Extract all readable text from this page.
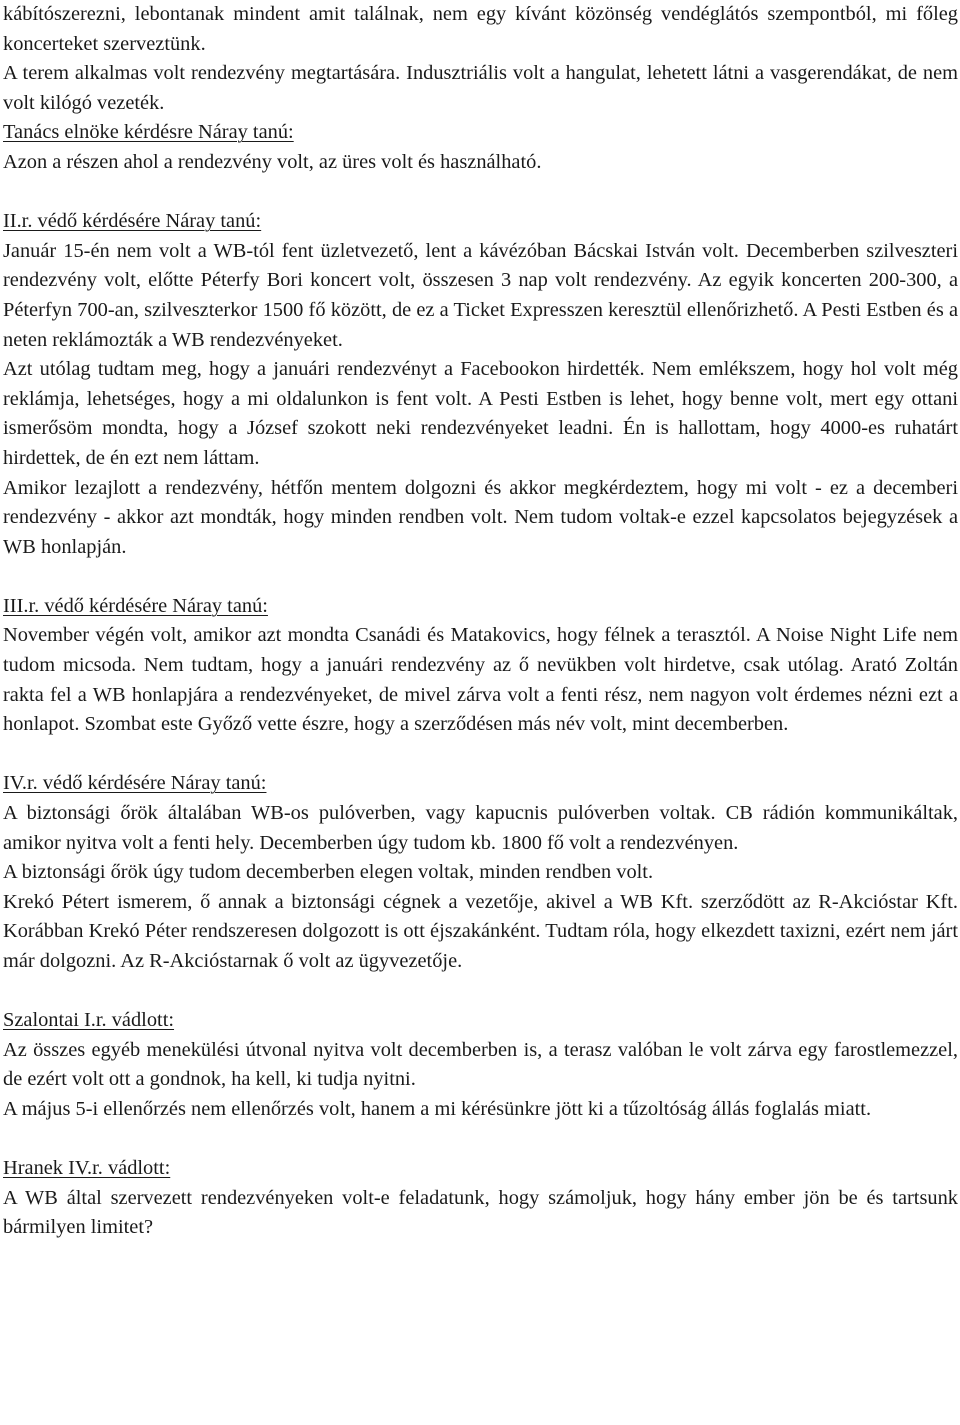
kábítószerezni, lebontanak mindent amit találnak, nem egy kívánt közönség vendéglátós szempontból, mi főleg koncerteket szerveztünk.

A terem alkalmas volt rendezvény megtartására. Indusztriális volt a hangulat, lehetett látni a vasgerendákat, de nem volt kilógó vezeték.

Tanács elnöke kérdésre Náray tanú:

Azon a részen ahol a rendezvény volt, az üres volt és használható.

II.r. védő kérdésére Náray tanú:

Január 15-én nem volt a WB-tól fent üzletvezető, lent a kávézóban Bácskai István volt. Decemberben szilveszteri rendezvény volt, előtte Péterfy Bori koncert volt, összesen 3 nap volt rendezvény. Az egyik koncerten 200-300, a Péterfyn 700-an, szilveszterkor 1500 fő között, de ez a Ticket Expresszen keresztül ellenőrizhető. A Pesti Estben és a neten reklámozták a WB rendezvényeket.

Azt utólag tudtam meg, hogy a januári rendezvényt a Facebookon hirdették. Nem emlékszem, hogy hol volt még reklámja, lehetséges, hogy a mi oldalunkon is fent volt. A Pesti Estben is lehet, hogy benne volt, mert egy ottani ismerősöm mondta, hogy a József szokott neki rendezvényeket leadni. Én is hallottam, hogy 4000-es ruhatárt hirdettek, de én ezt nem láttam.

Amikor lezajlott a rendezvény, hétfőn mentem dolgozni és akkor megkérdeztem, hogy mi volt - ez a decemberi rendezvény - akkor azt mondták, hogy minden rendben volt. Nem tudom voltak-e ezzel kapcsolatos bejegyzések a WB honlapján.

III.r. védő kérdésére Náray tanú:

November végén volt, amikor azt mondta Csanádi és Matakovics, hogy félnek a terasztól. A Noise Night Life nem tudom micsoda. Nem tudtam, hogy a januári rendezvény az ő nevükben volt hirdetve, csak utólag. Arató Zoltán rakta fel a WB honlapjára a rendezvényeket, de mivel zárva volt a fenti rész, nem nagyon volt érdemes nézni ezt a honlapot. Szombat este Győző vette észre, hogy a szerződésen más név volt, mint decemberben.

IV.r. védő kérdésére Náray tanú:

A biztonsági őrök általában WB-os pulóverben, vagy kapucnis pulóverben voltak. CB rádión kommunikáltak, amikor nyitva volt a fenti hely. Decemberben úgy tudom kb. 1800 fő volt a rendezvényen.

A biztonsági őrök úgy tudom decemberben elegen voltak, minden rendben volt.

Krekó Pétert ismerem, ő annak a biztonsági cégnek a vezetője, akivel a WB Kft. szerződött az R-Akcióstar Kft. Korábban Krekó Péter rendszeresen dolgozott is ott éjszakánként. Tudtam róla, hogy elkezdett taxizni, ezért nem járt már dolgozni. Az R-Akcióstarnak ő volt az ügyvezetője.

Szalontai I.r. vádlott:

Az összes egyéb menekülési útvonal nyitva volt decemberben is, a terasz valóban le volt zárva egy farostlemezzel, de ezért volt ott a gondnok, ha kell, ki tudja nyitni.

A május 5-i ellenőrzés nem ellenőrzés volt, hanem a mi kérésünkre jött ki a tűzoltóság állás foglalás miatt.

Hranek IV.r. vádlott:

A WB által szervezett rendezvényeken volt-e feladatunk, hogy számoljuk, hogy hány ember jön be és tartsunk bármilyen limitet?
